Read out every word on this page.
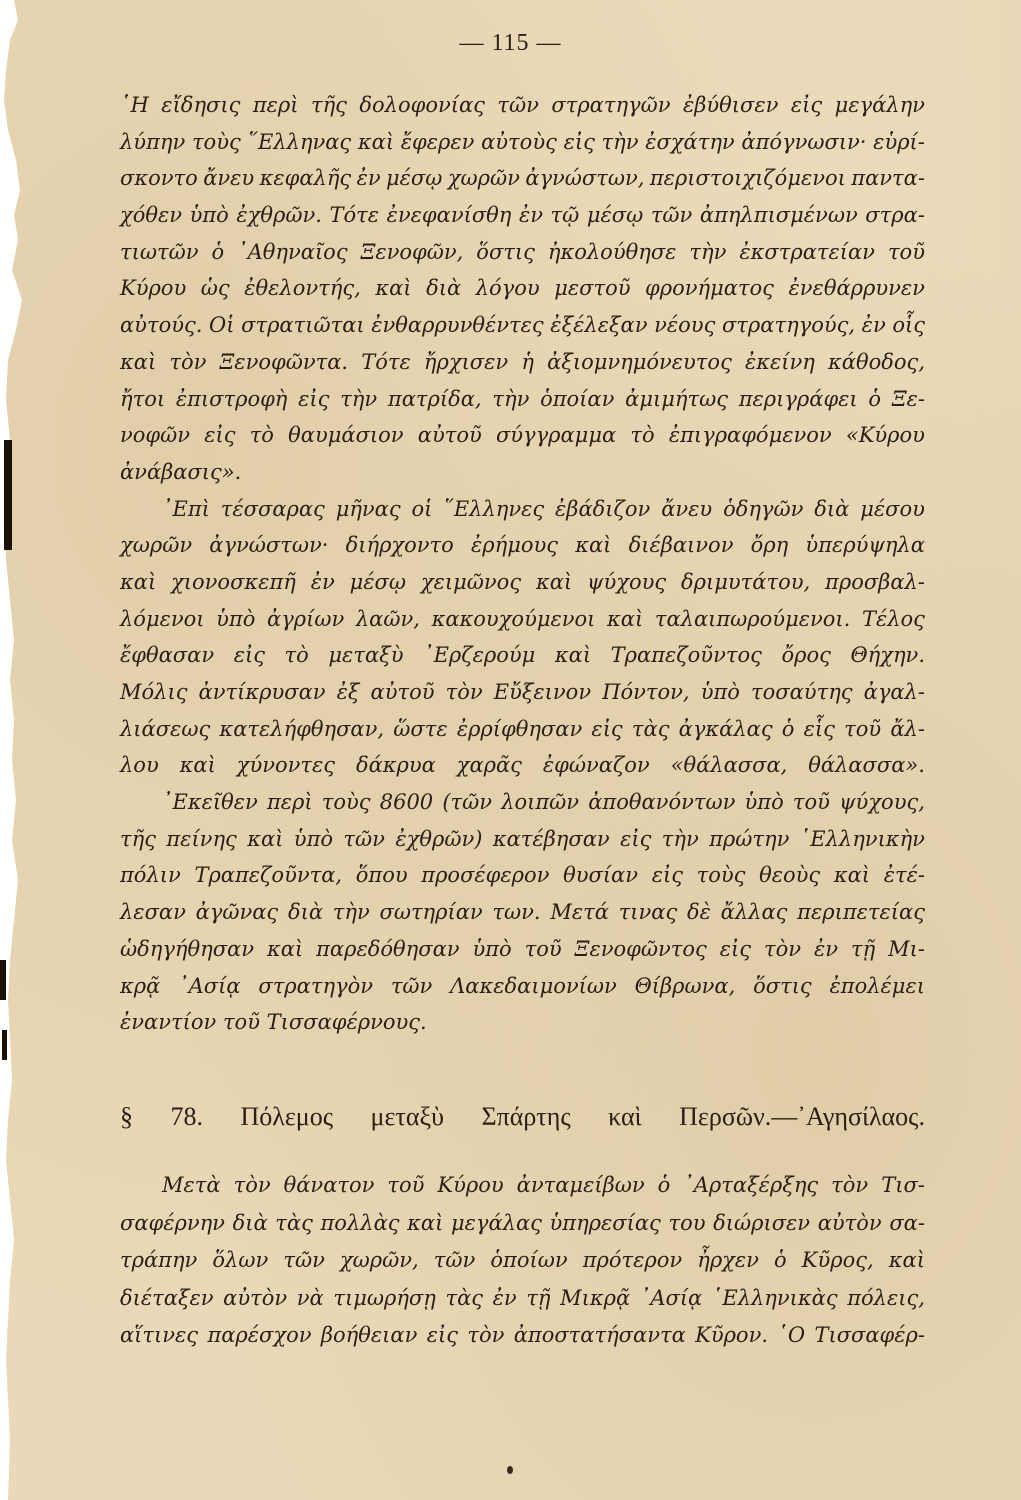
— 115 —
῾Η εἴδησις περὶ τῆς δολοφονίας τῶν στρατηγῶν ἐβύθισεν εἰς μεγάλην
λύπην τοὺς ῞Ελληνας καὶ ἔφερεν αὐτοὺς εἰς τὴν ἐσχάτην ἀπόγνωσιν· εὑρί-
σκοντο ἄνευ κεφαλῆς ἐν μέσῳ χωρῶν ἀγνώστων, περιστοιχιζόμενοι παντα-
χόθεν ὑπὸ ἐχθρῶν. Τότε ἐνεφανίσθη ἐν τῷ μέσῳ τῶν ἀπηλπισμένων στρα-
τιωτῶν ὁ ᾿Αθηναῖος Ξενοφῶν, ὅστις ἠκολούθησε τὴν ἐκστρατείαν τοῦ
Κύρου ὡς ἐθελοντής, καὶ διὰ λόγου μεστοῦ φρονήματος ἐνεθάρρυνεν
αὐτούς. Οἱ στρατιῶται ἐνθαρρυνθέντες ἐξέλεξαν νέους στρατηγούς, ἐν οἷς
καὶ τὸν Ξενοφῶντα. Τότε ἤρχισεν ἡ ἀξιομνημόνευτος ἐκείνη κάθοδος,
ἤτοι ἐπιστροφὴ εἰς τὴν πατρίδα, τὴν ὁποίαν ἀμιμήτως περιγράφει ὁ Ξε-
νοφῶν εἰς τὸ θαυμάσιον αὐτοῦ σύγγραμμα τὸ ἐπιγραφόμενον «Κύρου
ἀνάβασις».
᾿Επὶ τέσσαρας μῆνας οἱ ῞Ελληνες ἐβάδιζον ἄνευ ὁδηγῶν διὰ μέσου
χωρῶν ἀγνώστων· διήρχοντο ἐρήμους καὶ διέβαινον ὄρη ὑπερύψηλα
καὶ χιονοσκεπῆ ἐν μέσῳ χειμῶνος καὶ ψύχους δριμυτάτου, προσβαλ-
λόμενοι ὑπὸ ἀγρίων λαῶν, κακουχούμενοι καὶ ταλαιπωρούμενοι. Τέλος
ἔφθασαν εἰς τὸ μεταξὺ ᾿Ερζερούμ καὶ Τραπεζοῦντος ὄρος Θήχην.
Μόλις ἀντίκρυσαν ἐξ αὐτοῦ τὸν Εὔξεινον Πόντον, ὑπὸ τοσαύτης ἀγαλ-
λιάσεως κατελήφθησαν, ὥστε ἐρρίφθησαν εἰς τὰς ἀγκάλας ὁ εἷς τοῦ ἄλ-
λου καὶ χύνοντες δάκρυα χαρᾶς ἐφώναζον «θάλασσα, θάλασσα».
᾿Εκεῖθεν περὶ τοὺς 8600 (τῶν λοιπῶν ἀποθανόντων ὑπὸ τοῦ ψύχους,
τῆς πείνης καὶ ὑπὸ τῶν ἐχθρῶν) κατέβησαν εἰς τὴν πρώτην ῾Ελληνικὴν
πόλιν Τραπεζοῦντα, ὅπου προσέφερον θυσίαν εἰς τοὺς θεοὺς καὶ ἐτέ-
λεσαν ἀγῶνας διὰ τὴν σωτηρίαν των. Μετά τινας δὲ ἄλλας περιπετείας
ὡδηγήθησαν καὶ παρεδόθησαν ὑπὸ τοῦ Ξενοφῶντος εἰς τὸν ἐν τῇ Μι-
κρᾷ ᾿Ασίᾳ στρατηγὸν τῶν Λακεδαιμονίων Θίβρωνα, ὅστις ἐπολέμει
ἐναντίον
τοῦ
Τισσαφέρνους.
§ 78. Πόλεμος μεταξὺ Σπάρτης καὶ Περσῶν.—᾿Αγησίλαος.
Μετὰ τὸν θάνατον τοῦ Κύρου ἀνταμείβων ὁ ᾿Αρταξέρξης τὸν Τισ-
σαφέρνην διὰ τὰς πολλὰς καὶ μεγάλας ὑπηρεσίας του διώρισεν αὐτὸν σα-
τράπην ὅλων τῶν χωρῶν, τῶν ὁποίων πρότερον ἦρχεν ὁ Κῦρος, καὶ
διέταξεν αὐτὸν νὰ τιμωρήσῃ τὰς ἐν τῇ Μικρᾷ ᾿Ασίᾳ ῾Ελληνικὰς πόλεις,
αἵτινες παρέσχον βοήθειαν εἰς τὸν ἀποστατήσαντα Κῦρον. ῾Ο Τισσαφέρ-
